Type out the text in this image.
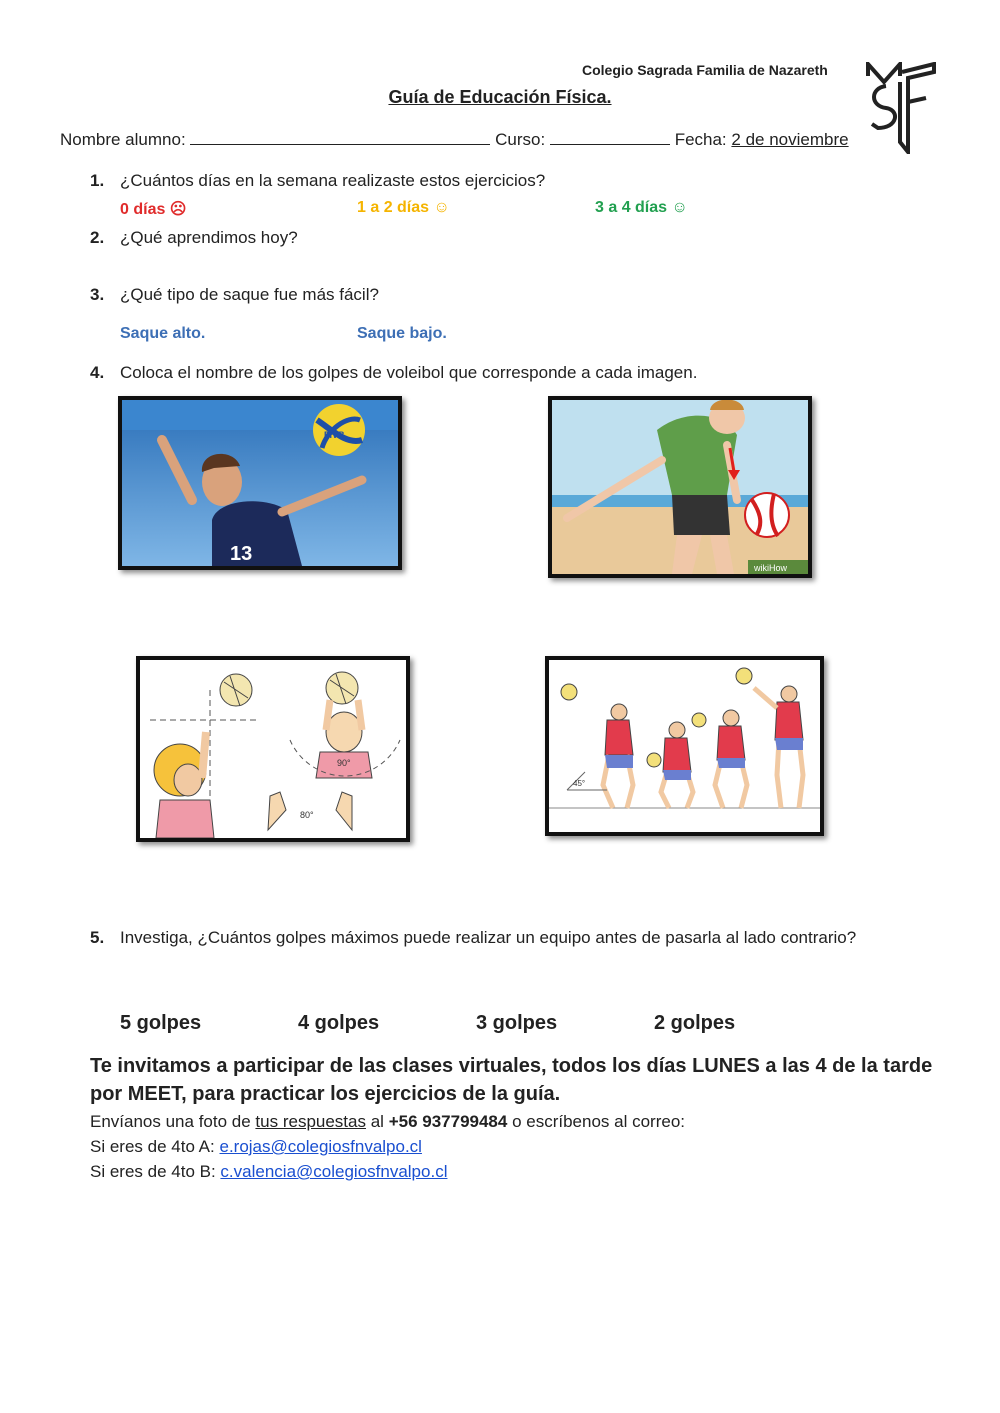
Colegio Sagrada Familia de Nazareth
Guía de Educación Física.
Nombre alumno:	Curso:	Fecha: 2 de noviembre
1. ¿Cuántos días en la semana realizaste estos ejercicios?
0 días ☹	1 a 2 días ☺	3 a 4 días ☺
2. ¿Qué aprendimos hoy?
3. ¿Qué tipo de saque fue más fácil?
Saque alto.	Saque bajo.
4. Coloca el nombre de los golpes de voleibol que corresponde a cada imagen.
13
FIVB
wikiHow
90°
80°
45°
5. Investiga, ¿Cuántos golpes máximos puede realizar un equipo antes de pasarla al lado contrario?
5 golpes	4 golpes	3 golpes	2 golpes
Te invitamos a participar de las clases virtuales, todos los días LUNES a las 4 de la tarde
por MEET, para practicar los ejercicios de la guía.
Envíanos una foto de tus respuestas al +56 937799484 o escríbenos al correo:
Si eres de 4to A: e.rojas@colegiosfnvalpo.cl
Si eres de 4to B: c.valencia@colegiosfnvalpo.cl
